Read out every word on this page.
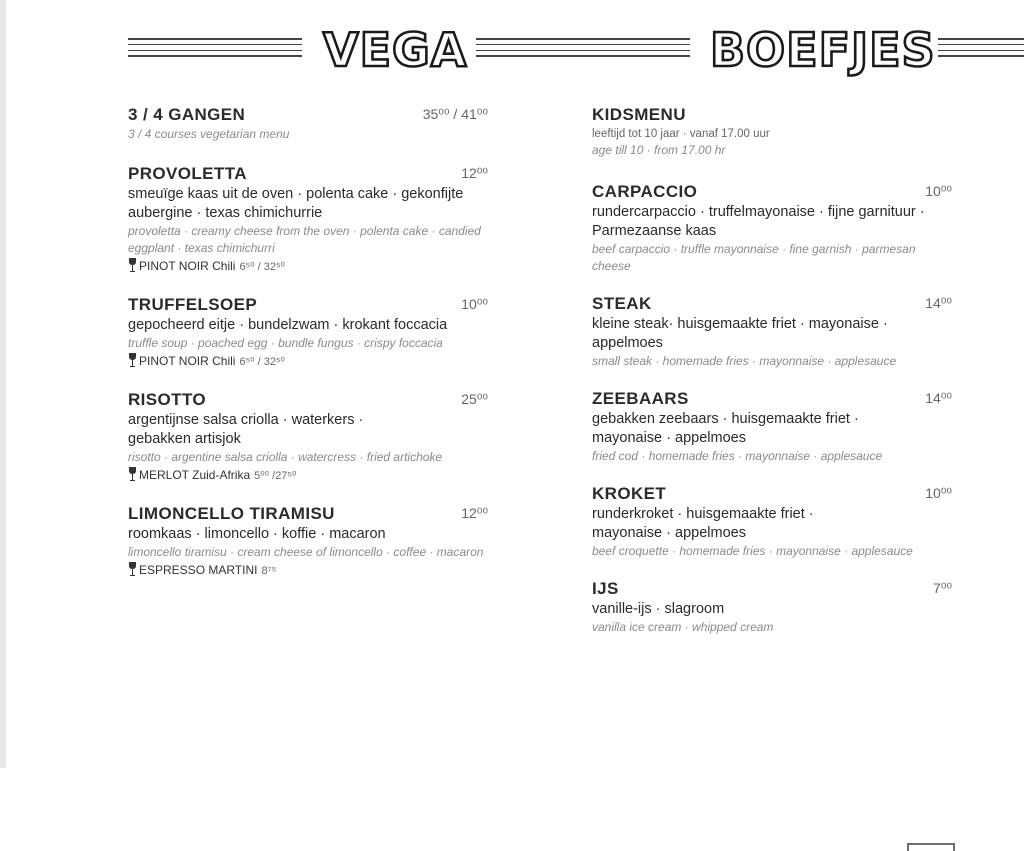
VEGA	BOEFJES
3 / 4 GANGEN	35⁰⁰ / 41⁰⁰
3 / 4 courses vegetarian menu
PROVOLETTA	12⁰⁰
smeuïge kaas uit de oven · polenta cake · gekonfijte aubergine · texas chimichurrie
provoletta · creamy cheese from the oven · polenta cake · candied eggplant · texas chimichurri
PINOT NOIR Chili 6⁵⁰ / 32⁵⁰
TRUFFELSOEP	10⁰⁰
gepocheerd eitje · bundelzwam · krokant foccacia
truffle soup · poached egg · bundle fungus · crispy foccacia
PINOT NOIR Chili 6⁵⁰ / 32⁵⁰
RISOTTO	25⁰⁰
argentijnse salsa criolla · waterkers · gebakken artisjok
risotto · argentine salsa criolla · watercress · fried artichoke
MERLOT Zuid-Afrika 5⁰⁰ /27⁵⁰
LIMONCELLO TIRAMISU	12⁰⁰
roomkaas · limoncello · koffie · macaron
limoncello tiramisu · cream cheese of limoncello · coffee · macaron
ESPRESSO MARTINI 8⁷⁵
KIDSMENU
leeftijd tot 10 jaar · vanaf 17.00 uur
age till 10 · from 17.00 hr
CARPACCIO	10⁰⁰
rundercarpaccio · truffelmayonaise · fijne garnituur · Parmezaanse kaas
beef carpaccio · truffle mayonnaise · fine garnish · parmesan cheese
STEAK	14⁰⁰
kleine steak· huisgemaakte friet · mayonaise · appelmoes
small steak · homemade fries · mayonnaise · applesauce
ZEEBAARS	14⁰⁰
gebakken zeebaars · huisgemaakte friet · mayonaise · appelmoes
fried cod · homemade fries · mayonnaise · applesauce
KROKET	10⁰⁰
runderkroket · huisgemaakte friet · mayonaise · appelmoes
beef croquette · homemade fries · mayonnaise · applesauce
IJS	7⁰⁰
vanille-ijs · slagroom
vanilla ice cream · whipped cream
